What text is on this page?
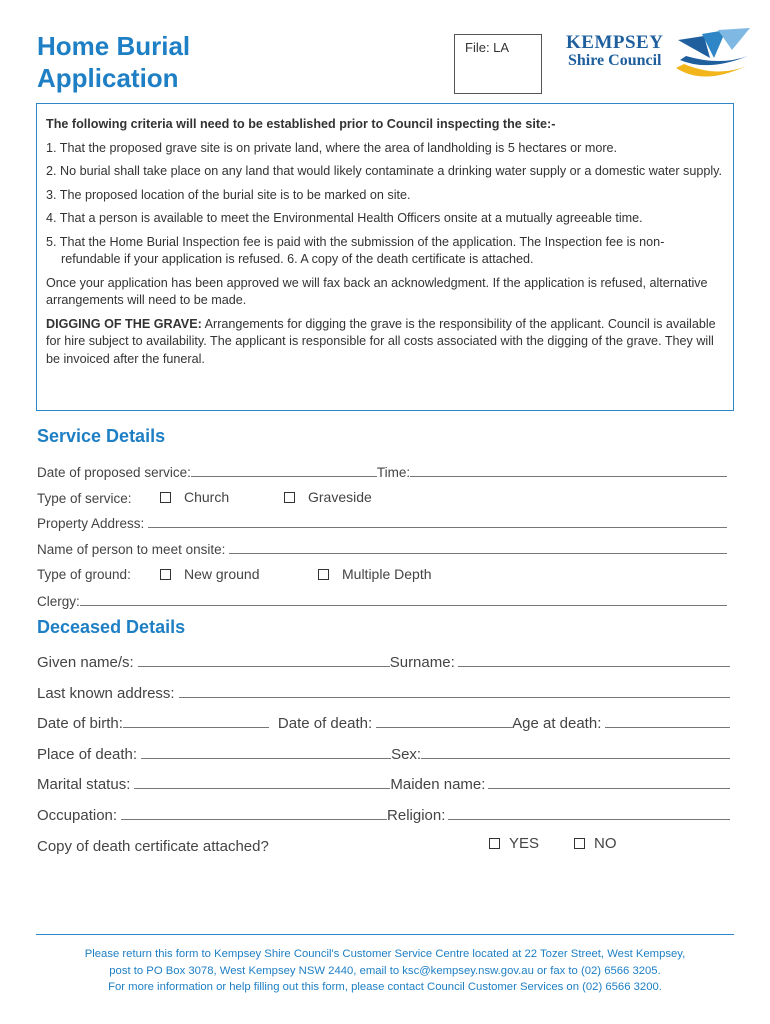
Home Burial
Application
File: LA	KEMPSEY
Shire Council
The following criteria will need to be established prior to Council inspecting the site:-
1. That the proposed grave site is on private land, where the area of landholding is 5 hectares or more.
2. No burial shall take place on any land that would likely contaminate a drinking water supply or a domestic water supply.
3. The proposed location of the burial site is to be marked on site.
4. That a person is available to meet the Environmental Health Officers onsite at a mutually agreeable time.
5. That the Home Burial Inspection fee is paid with the submission of the application. The Inspection fee is non-refundable if your application is refused. 6. A copy of the death certificate is attached.
Once your application has been approved we will fax back an acknowledgment. If the application is refused, alternative arrangements will need to be made.
DIGGING OF THE GRAVE: Arrangements for digging the grave is the responsibility of the applicant. Council is available for hire subject to availability. The applicant is responsible for all costs associated with the digging of the grave. They will be invoiced after the funeral.
Service Details
Date of proposed service:	Time:
Type of service:	Church	Graveside
Property Address:
Name of person to meet onsite:
Type of ground:	New ground	Multiple Depth
Clergy:
Deceased Details
Given name/s:	Surname:
Last known address:
Date of birth:	Date of death:	Age at death:
Place of death:	Sex:
Marital status:	Maiden name:
Occupation:	Religion:
Copy of death certificate attached?	YES	NO
Please return this form to Kempsey Shire Council's Customer Service Centre located at 22 Tozer Street, West Kempsey,
post to PO Box 3078, West Kempsey NSW 2440, email to ksc@kempsey.nsw.gov.au or fax to (02) 6566 3205.
For more information or help filling out this form, please contact Council Customer Services on (02) 6566 3200.
